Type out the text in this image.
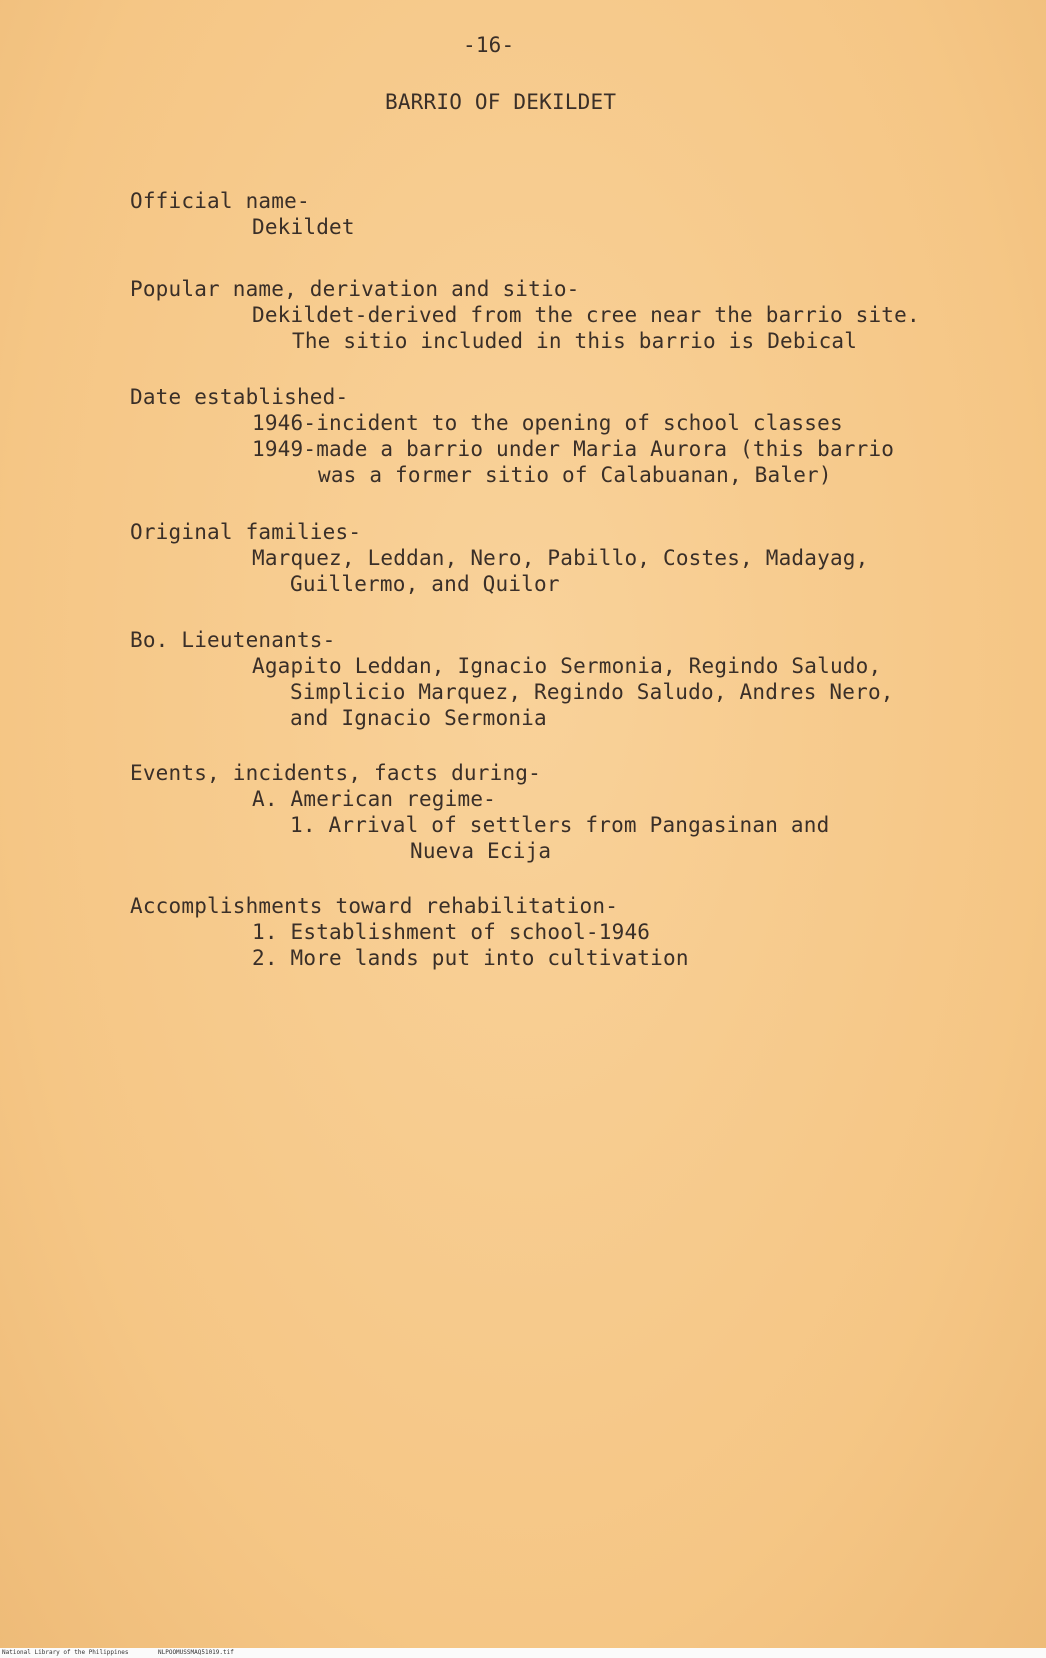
-16-
BARRIO OF DEKILDET
Official name-
Dekildet
Popular name, derivation and sitio-
Dekildet-derived from the cree near the barrio site.
The sitio included in this barrio is Debical
Date established-
1946-incident to the opening of school classes
1949-made a barrio under Maria Aurora (this barrio
was a former sitio of Calabuanan, Baler)
Original families-
Marquez, Leddan, Nero, Pabillo, Costes, Madayag,
Guillermo, and Quilor
Bo. Lieutenants-
Agapito Leddan, Ignacio Sermonia, Regindo Saludo,
Simplicio Marquez, Regindo Saludo, Andres Nero,
and Ignacio Sermonia
Events, incidents, facts during-
A. American regime-
1. Arrival of settlers from Pangasinan and
Nueva Ecija
Accomplishments toward rehabilitation-
1. Establishment of school-1946
2. More lands put into cultivation
National Library of the Philippines	NLPOOMUSSMAQ51019.tif
